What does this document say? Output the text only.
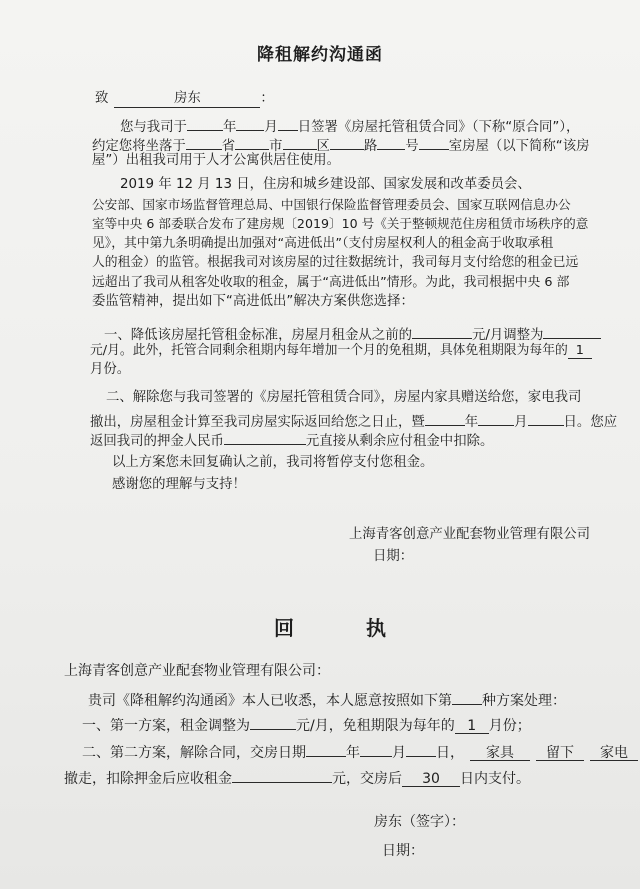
降租解约沟通函
致	房东	：
您与我司于	年 月 日签署《房屋托管租赁合同》（下称“原合同”），
约定您将坐落于	省	市	区	路 号 室房屋（以下简称“该房
屋”）出租我司用于人才公寓供居住使用。
2019 年 12 月 13 日，住房和城乡建设部、国家发展和改革委员会、
公安部、国家市场监督管理总局、中国银行保险监督管理委员会、国家互联网信息办公
室等中央 6 部委联合发布了建房规〔2019〕10 号《关于整顿规范住房租赁市场秩序的意
见》，其中第九条明确提出加强对“高进低出”（支付房屋权利人的租金高于收取承租
人的租金）的监管。根据我司对该房屋的过往数据统计，我司每月支付给您的租金已远
远超出了我司从租客处收取的租金，属于“高进低出”情形。为此，我司根据中央 6 部
委监管精神，提出如下“高进低出”解决方案供您选择：
一、降低该房屋托管租金标准，房屋月租金从之前的	元/月调整为
元/月。此外，托管合同剩余租期内每年增加一个月的免租期，具体免租期限为每年的 1
月份。
二、解除您与我司签署的《房屋托管租赁合同》，房屋内家具赠送给您，家电我司
撤出，房屋租金计算至我司房屋实际返回给您之日止，暨	年	月	日。您应
返回我司的押金人民币	元直接从剩余应付租金中扣除。
以上方案您未回复确认之前，我司将暂停支付您租金。
感谢您的理解与支持！
上海青客创意产业配套物业管理有限公司
日期：
回执
上海青客创意产业配套物业管理有限公司：
贵司《降租解约沟通函》本人已收悉，本人愿意按照如下第 种方案处理：
一、第一方案，租金调整为	元/月，免租期限为每年的 1 月份；
二、第二方案，解除合同，交房日期	年 月 日， 家具 留下 家电
撤走，扣除押金后应收租金	元，交房后 30 日内支付。
房东（签字）：
日期：
